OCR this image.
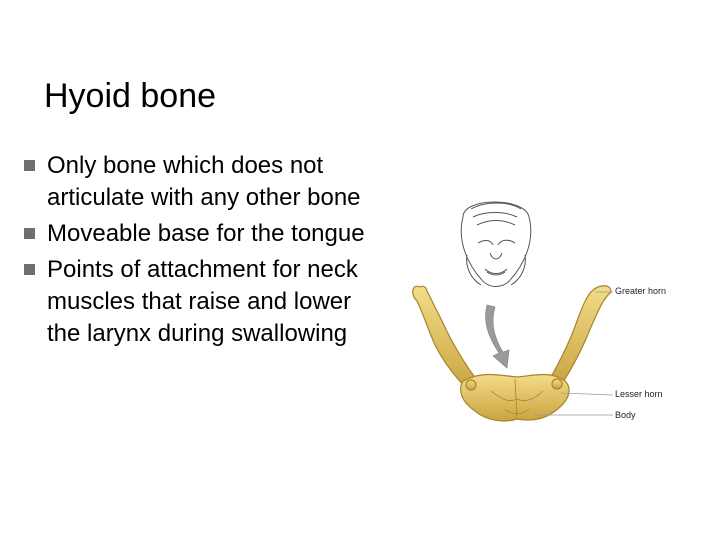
Hyoid bone
Only bone which does not articulate with any other bone
Moveable base for the tongue
Points of attachment for neck muscles that raise and lower the larynx during swallowing
Greater horn
Lesser horn
Body
